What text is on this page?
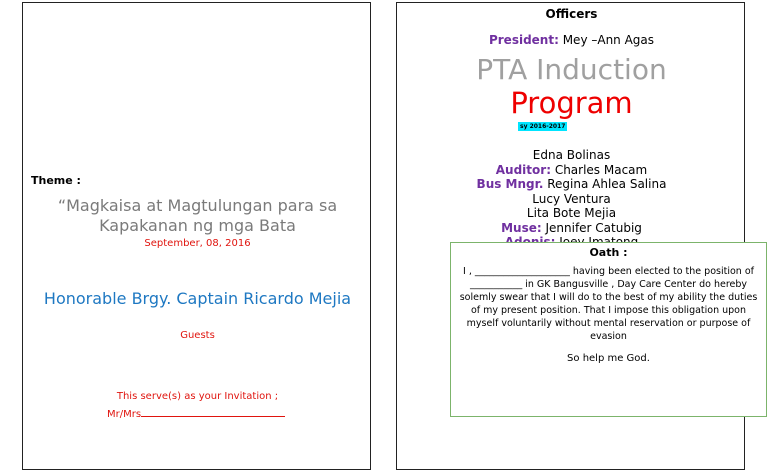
Theme :
“Magkaisa at Magtulungan para sa Kapakanan ng mga Bata
September, 08, 2016
Honorable Brgy. Captain Ricardo Mejia
Guests
This serve(s) as your Invitation ;
Mr/Mrs
Officers
President: Mey –Ann Agas
PTA Induction
Program
sy 2016-2017
Edna Bolinas
Auditor: Charles Macam
Bus Mngr. Regina Ahlea Salina
Lucy Ventura
Lita Bote Mejia
Muse: Jennifer Catubig
Oath :
I , ____________________ having been elected to the position of ___________ in GK Bangusville , Day Care Center do hereby solemly swear that I will do to the best of my ability the duties of my present position. That I impose this obligation upon myself voluntarily without mental reservation or purpose of evasion
So help me God.
